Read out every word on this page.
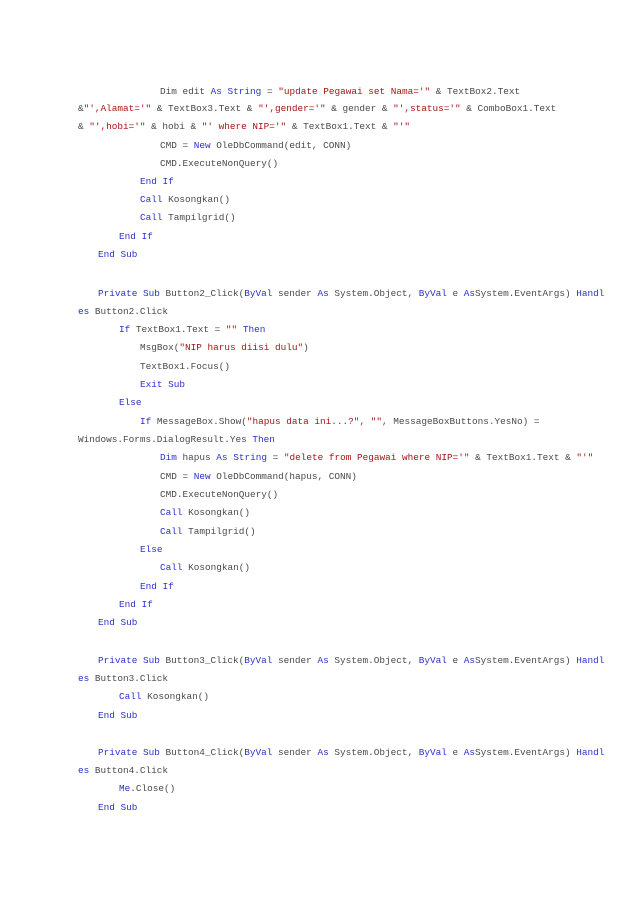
Dim edit As String = "update Pegawai set Nama='" & TextBox2.Text
&"',Alamat='" & TextBox3.Text & "',gender='" & gender & "',status='" & ComboBox1.Text
& "',hobi='" & hobi & "' where NIP='" & TextBox1.Text & "'"
CMD = New OleDbCommand(edit, CONN)
CMD.ExecuteNonQuery()
End If
Call Kosongkan()
Call Tampilgrid()
End If
End Sub
Private Sub Button2_Click(ByVal sender As System.Object, ByVal e AsSystem.EventArgs) Handl
es Button2.Click
If TextBox1.Text = "" Then
MsgBox("NIP harus diisi dulu")
TextBox1.Focus()
Exit Sub
Else
If MessageBox.Show("hapus data ini...?", "", MessageBoxButtons.YesNo) =
Windows.Forms.DialogResult.Yes Then
Dim hapus As String = "delete from Pegawai where NIP='" & TextBox1.Text & "'"
CMD = New OleDbCommand(hapus, CONN)
CMD.ExecuteNonQuery()
Call Kosongkan()
Call Tampilgrid()
Else
Call Kosongkan()
End If
End If
End Sub
Private Sub Button3_Click(ByVal sender As System.Object, ByVal e AsSystem.EventArgs) Handl
es Button3.Click
Call Kosongkan()
End Sub
Private Sub Button4_Click(ByVal sender As System.Object, ByVal e AsSystem.EventArgs) Handl
es Button4.Click
Me.Close()
End Sub
